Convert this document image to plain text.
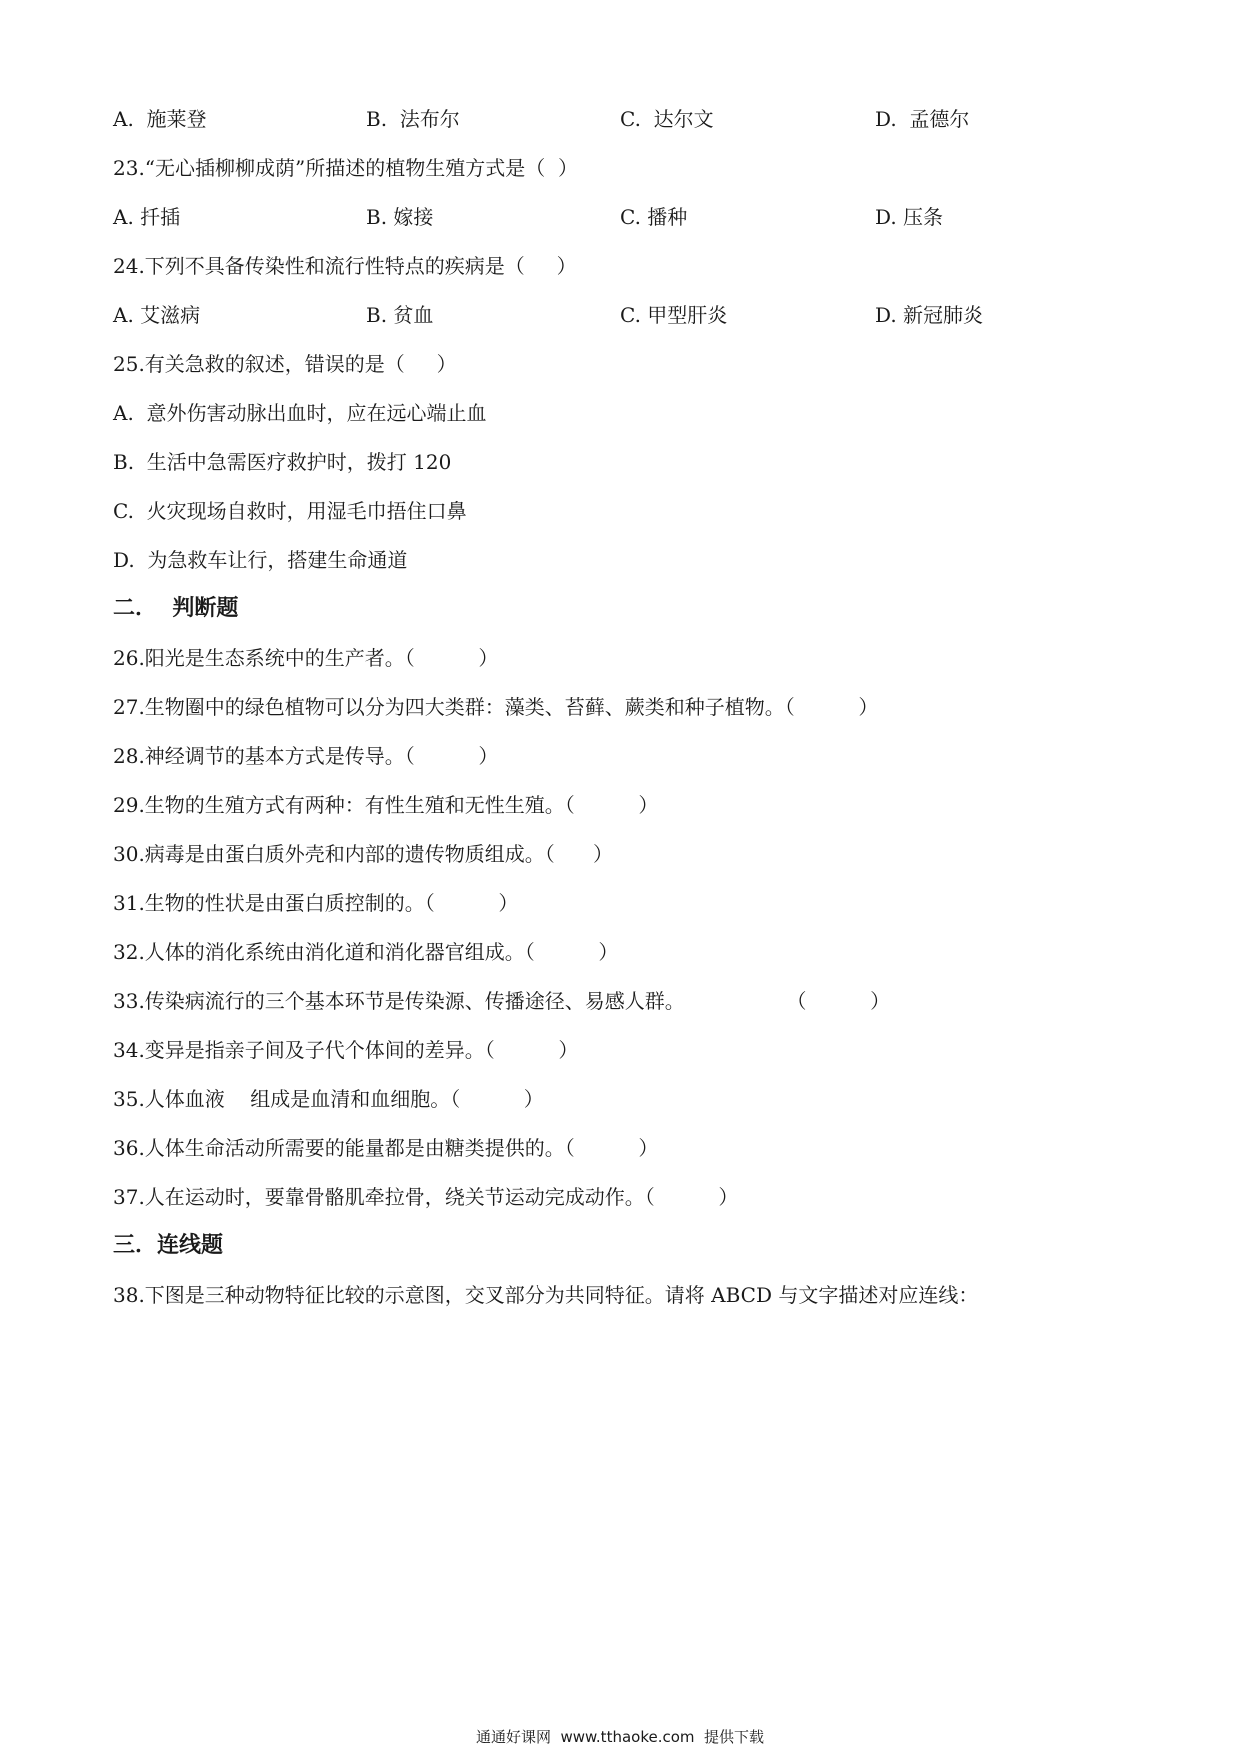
A.  施莱登	B.  法布尔	C.  达尔文	D.  孟德尔
23.“无心插柳柳成荫”所描述的植物生殖方式是（  ）
A. 扦插	B. 嫁接	C. 播种	D. 压条
24.下列不具备传染性和流行性特点的疾病是（     ）
A. 艾滋病	B. 贫血	C. 甲型肝炎	D. 新冠肺炎
25.有关急救的叙述，错误的是（     ）
A.  意外伤害动脉出血时，应在远心端止血
B.  生活中急需医疗救护时，拨打 120
C.  火灾现场自救时，用湿毛巾捂住口鼻
D.  为急救车让行，搭建生命通道
二．  判断题
26.阳光是生态系统中的生产者。（          ）
27.生物圈中的绿色植物可以分为四大类群：藻类、苔藓、蕨类和种子植物。（          ）
28.神经调节的基本方式是传导。（          ）
29.生物的生殖方式有两种：有性生殖和无性生殖。（          ）
30.病毒是由蛋白质外壳和内部的遗传物质组成。（      ）
31.生物的性状是由蛋白质控制的。（          ）
32.人体的消化系统由消化道和消化器官组成。（          ）
33.传染病流行的三个基本环节是传染源、传播途径、易感人群。                （          ）
34.变异是指亲子间及子代个体间的差异。（          ）
35.人体血液    组成是血清和血细胞。（          ）
36.人体生命活动所需要的能量都是由糖类提供的。（          ）
37.人在运动时，要靠骨骼肌牵拉骨，绕关节运动完成动作。（          ）
三．连线题
38.下图是三种动物特征比较的示意图，交叉部分为共同特征。请将 ABCD 与文字描述对应连线：
通通好课网  www.tthaoke.com  提供下载
